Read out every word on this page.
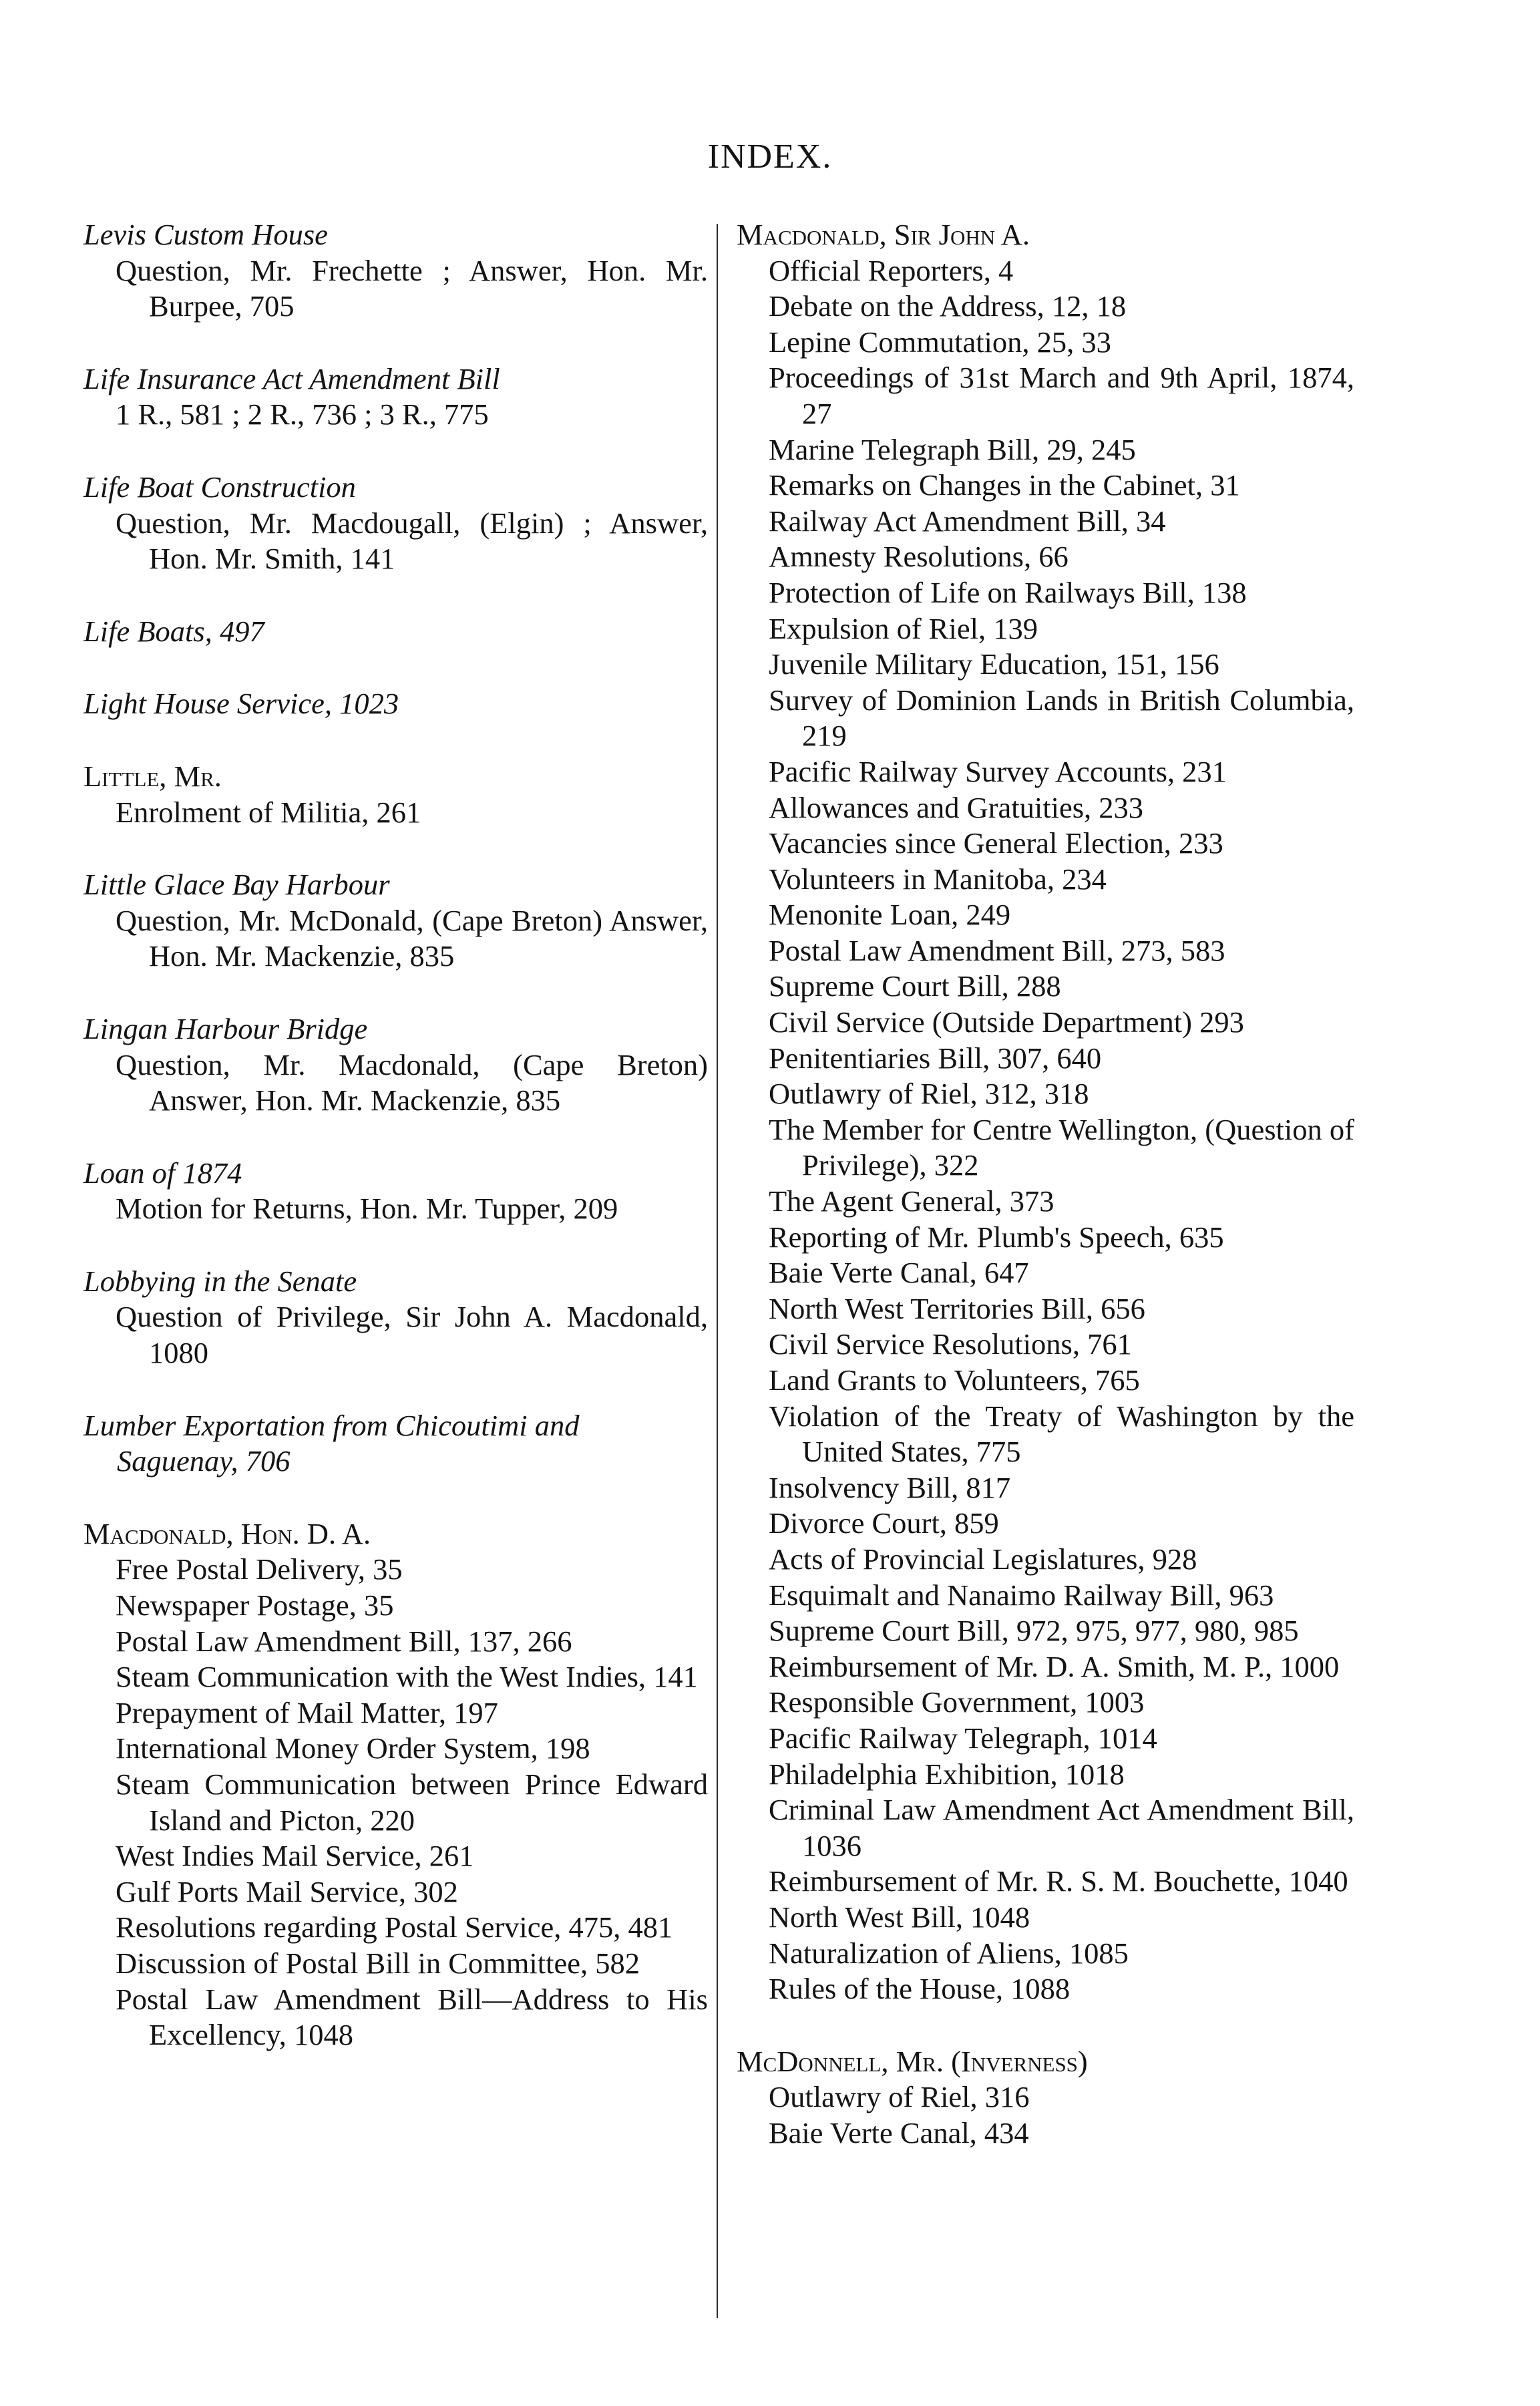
INDEX.
Levis Custom House
Question, Mr. Frechette ; Answer, Hon. Mr. Burpee, 705
Life Insurance Act Amendment Bill
1 R., 581 ; 2 R., 736 ; 3 R., 775
Life Boat Construction
Question, Mr. Macdougall, (Elgin) ; Answer, Hon. Mr. Smith, 141
Life Boats, 497
Light House Service, 1023
Little, Mr.
Enrolment of Militia, 261
Little Glace Bay Harbour
Question, Mr. McDonald, (Cape Breton) Answer, Hon. Mr. Mackenzie, 835
Lingan Harbour Bridge
Question, Mr. Macdonald, (Cape Breton) Answer, Hon. Mr. Mackenzie, 835
Loan of 1874
Motion for Returns, Hon. Mr. Tupper, 209
Lobbying in the Senate
Question of Privilege, Sir John A. Macdonald, 1080
Lumber Exportation from Chicoutimi and Saguenay, 706
Macdonald, Hon. D. A.
Free Postal Delivery, 35
Newspaper Postage, 35
Postal Law Amendment Bill, 137, 266
Steam Communication with the West Indies, 141
Prepayment of Mail Matter, 197
International Money Order System, 198
Steam Communication between Prince Edward Island and Picton, 220
West Indies Mail Service, 261
Gulf Ports Mail Service, 302
Resolutions regarding Postal Service, 475, 481
Discussion of Postal Bill in Committee, 582
Postal Law Amendment Bill—Address to His Excellency, 1048
Macdonald, Sir John A.
Official Reporters, 4
Debate on the Address, 12, 18
Lepine Commutation, 25, 33
Proceedings of 31st March and 9th April, 1874, 27
Marine Telegraph Bill, 29, 245
Remarks on Changes in the Cabinet, 31
Railway Act Amendment Bill, 34
Amnesty Resolutions, 66
Protection of Life on Railways Bill, 138
Expulsion of Riel, 139
Juvenile Military Education, 151, 156
Survey of Dominion Lands in British Columbia, 219
Pacific Railway Survey Accounts, 231
Allowances and Gratuities, 233
Vacancies since General Election, 233
Volunteers in Manitoba, 234
Menonite Loan, 249
Postal Law Amendment Bill, 273, 583
Supreme Court Bill, 288
Civil Service (Outside Department) 293
Penitentiaries Bill, 307, 640
Outlawry of Riel, 312, 318
The Member for Centre Wellington, (Question of Privilege), 322
The Agent General, 373
Reporting of Mr. Plumb's Speech, 635
Baie Verte Canal, 647
North West Territories Bill, 656
Civil Service Resolutions, 761
Land Grants to Volunteers, 765
Violation of the Treaty of Washington by the United States, 775
Insolvency Bill, 817
Divorce Court, 859
Acts of Provincial Legislatures, 928
Esquimalt and Nanaimo Railway Bill, 963
Supreme Court Bill, 972, 975, 977, 980, 985
Reimbursement of Mr. D. A. Smith, M. P., 1000
Responsible Government, 1003
Pacific Railway Telegraph, 1014
Philadelphia Exhibition, 1018
Criminal Law Amendment Act Amendment Bill, 1036
Reimbursement of Mr. R. S. M. Bouchette, 1040
North West Bill, 1048
Naturalization of Aliens, 1085
Rules of the House, 1088
McDonnell, Mr. (Inverness)
Outlawry of Riel, 316
Baie Verte Canal, 434
